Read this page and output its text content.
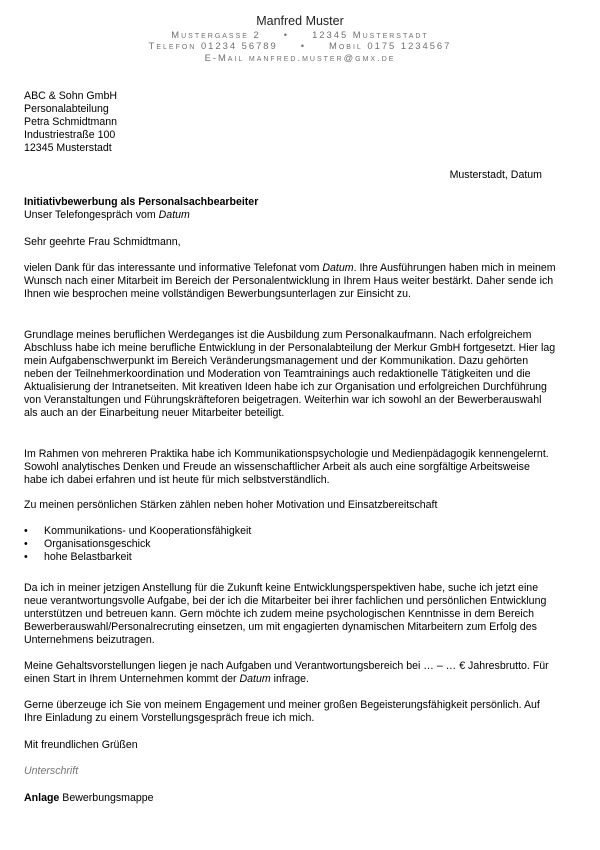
Manfred Muster
Mustergasse 2     •     12345 Musterstadt
Telefon 01234 56789     •     Mobil 0175 1234567
E-Mail manfred.muster@gmx.de
ABC & Sohn GmbH
Personalabteilung
Petra Schmidtmann
Industriestraße 100
12345 Musterstadt
Musterstadt, Datum
Initiativbewerbung als Personalsachbearbeiter
Unser Telefongespräch vom Datum
Sehr geehrte Frau Schmidtmann,
vielen Dank für das interessante und informative Telefonat vom Datum. Ihre Ausführungen haben mich in meinem Wunsch nach einer Mitarbeit im Bereich der Personalentwicklung in Ihrem Haus weiter bestärkt. Daher sende ich Ihnen wie besprochen meine vollständigen Bewerbungsunterlagen zur Einsicht zu.
Grundlage meines beruflichen Werdeganges ist die Ausbildung zum Personalkaufmann. Nach erfolgreichem Abschluss habe ich meine berufliche Entwicklung in der Personalabteilung der Merkur GmbH fortgesetzt. Hier lag mein Aufgabenschwerpunkt im Bereich Veränderungsmanagement und der Kommunikation. Dazu gehörten neben der Teilnehmerkoordination und Moderation von Teamtrainings auch redaktionelle Tätigkeiten und die Aktualisierung der Intranetseiten. Mit kreativen Ideen habe ich zur Organisation und erfolgreichen Durchführung von Veranstaltungen und Führungskräfteforen beigetragen. Weiterhin war ich sowohl an der Bewerberauswahl als auch an der Einarbeitung neuer Mitarbeiter beteiligt.
Im Rahmen von mehreren Praktika habe ich Kommunikationspsychologie und Medienpädagogik kennengelernt. Sowohl analytisches Denken und Freude an wissenschaftlicher Arbeit als auch eine sorgfältige Arbeitsweise habe ich dabei erfahren und ist heute für mich selbstverständlich.
Zu meinen persönlichen Stärken zählen neben hoher Motivation und Einsatzbereitschaft
• Kommunikations- und Kooperationsfähigkeit
• Organisationsgeschick
• hohe Belastbarkeit
Da ich in meiner jetzigen Anstellung für die Zukunft keine Entwicklungsperspektiven habe, suche ich jetzt eine neue verantwortungsvolle Aufgabe, bei der ich die Mitarbeiter bei ihrer fachlichen und persönlichen Entwicklung unterstützen und betreuen kann. Gern möchte ich zudem meine psychologischen Kenntnisse in dem Bereich Bewerberauswahl/Personalrecruting einsetzen, um mit engagierten dynamischen Mitarbeitern zum Erfolg des Unternehmens beizutragen.
Meine Gehaltsvorstellungen liegen je nach Aufgaben und Verantwortungsbereich bei … – … € Jahresbrutto. Für einen Start in Ihrem Unternehmen kommt der Datum infrage.
Gerne überzeuge ich Sie von meinem Engagement und meiner großen Begeisterungsfähigkeit persönlich. Auf Ihre Einladung zu einem Vorstellungsgespräch freue ich mich.
Mit freundlichen Grüßen
Unterschrift
Anlage Bewerbungsmappe
